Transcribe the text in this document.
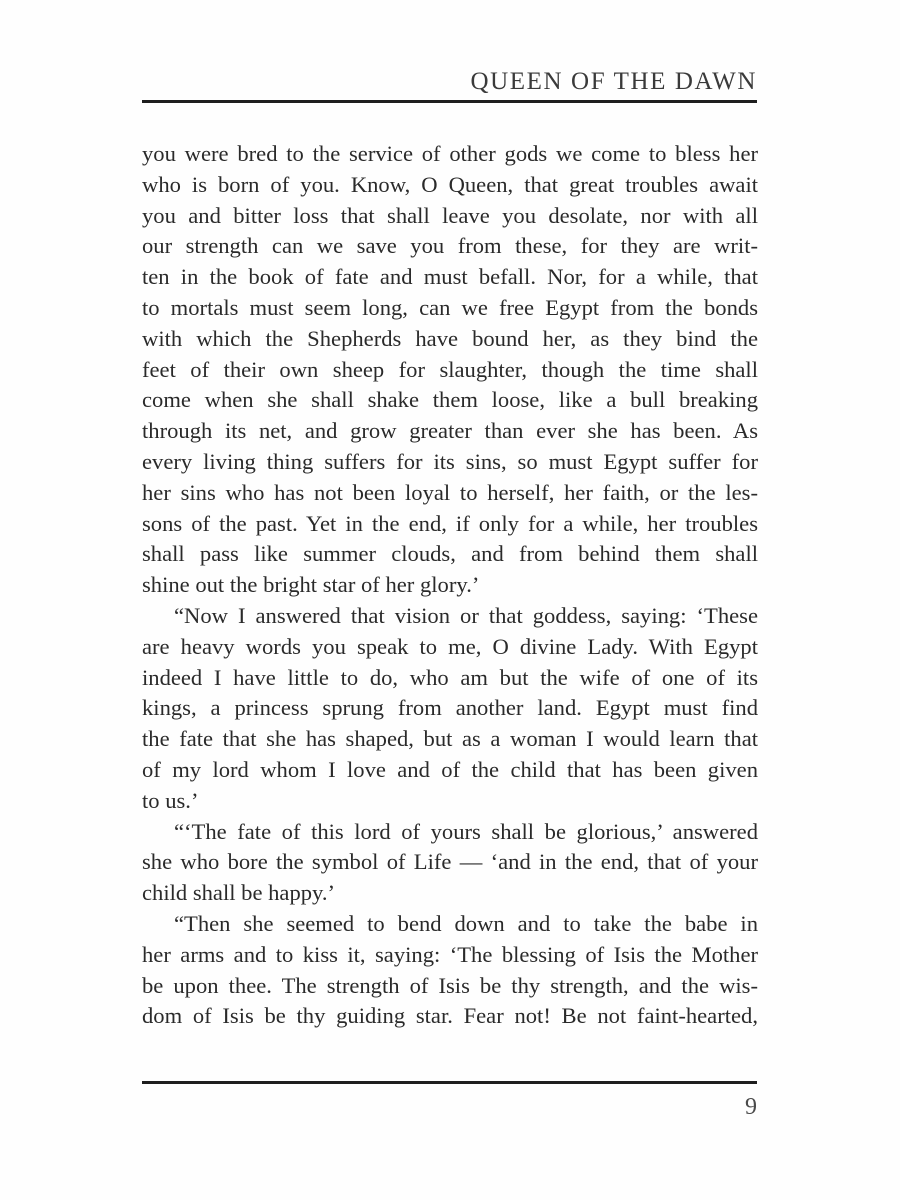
QUEEN OF THE DAWN
you were bred to the service of other gods we come to bless her
who is born of you. Know, O Queen, that great troubles await
you and bitter loss that shall leave you desolate, nor with all
our strength can we save you from these, for they are writ-
ten in the book of fate and must befall. Nor, for a while, that
to mortals must seem long, can we free Egypt from the bonds
with which the Shepherds have bound her, as they bind the
feet of their own sheep for slaughter, though the time shall
come when she shall shake them loose, like a bull breaking
through its net, and grow greater than ever she has been. As
every living thing suffers for its sins, so must Egypt suffer for
her sins who has not been loyal to herself, her faith, or the les-
sons of the past. Yet in the end, if only for a while, her troubles
shall pass like summer clouds, and from behind them shall
shine out the bright star of her glory.’
“Now I answered that vision or that goddess, saying: ‘These
are heavy words you speak to me, O divine Lady. With Egypt
indeed I have little to do, who am but the wife of one of its
kings, a princess sprung from another land. Egypt must find
the fate that she has shaped, but as a woman I would learn that
of my lord whom I love and of the child that has been given
to us.’
“‘The fate of this lord of yours shall be glorious,’ answered
she who bore the symbol of Life — ‘and in the end, that of your
child shall be happy.’
“Then she seemed to bend down and to take the babe in
her arms and to kiss it, saying: ‘The blessing of Isis the Mother
be upon thee. The strength of Isis be thy strength, and the wis-
dom of Isis be thy guiding star. Fear not! Be not faint-hearted,
9
